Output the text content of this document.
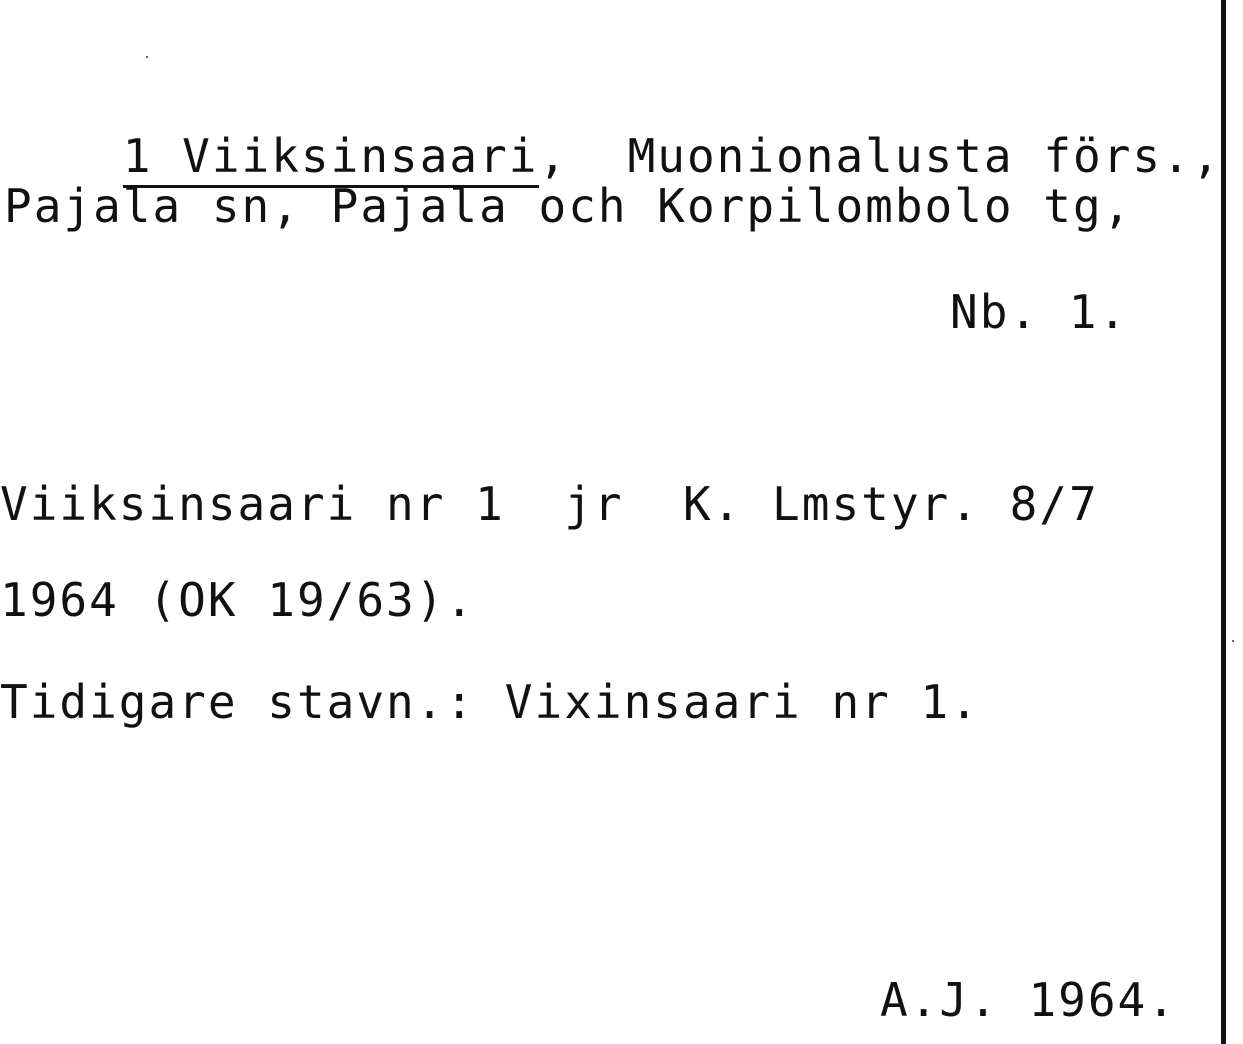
1 Viiksinsaari,  Muonionalusta förs.,

Pajala sn, Pajala och Korpilombolo tg,
Nb. 1.
Viiksinsaari nr 1  jr  K. Lmstyr. 8/7
1964 (OK 19/63).
Tidigare stavn.: Vixinsaari nr 1.
A.J. 1964.
